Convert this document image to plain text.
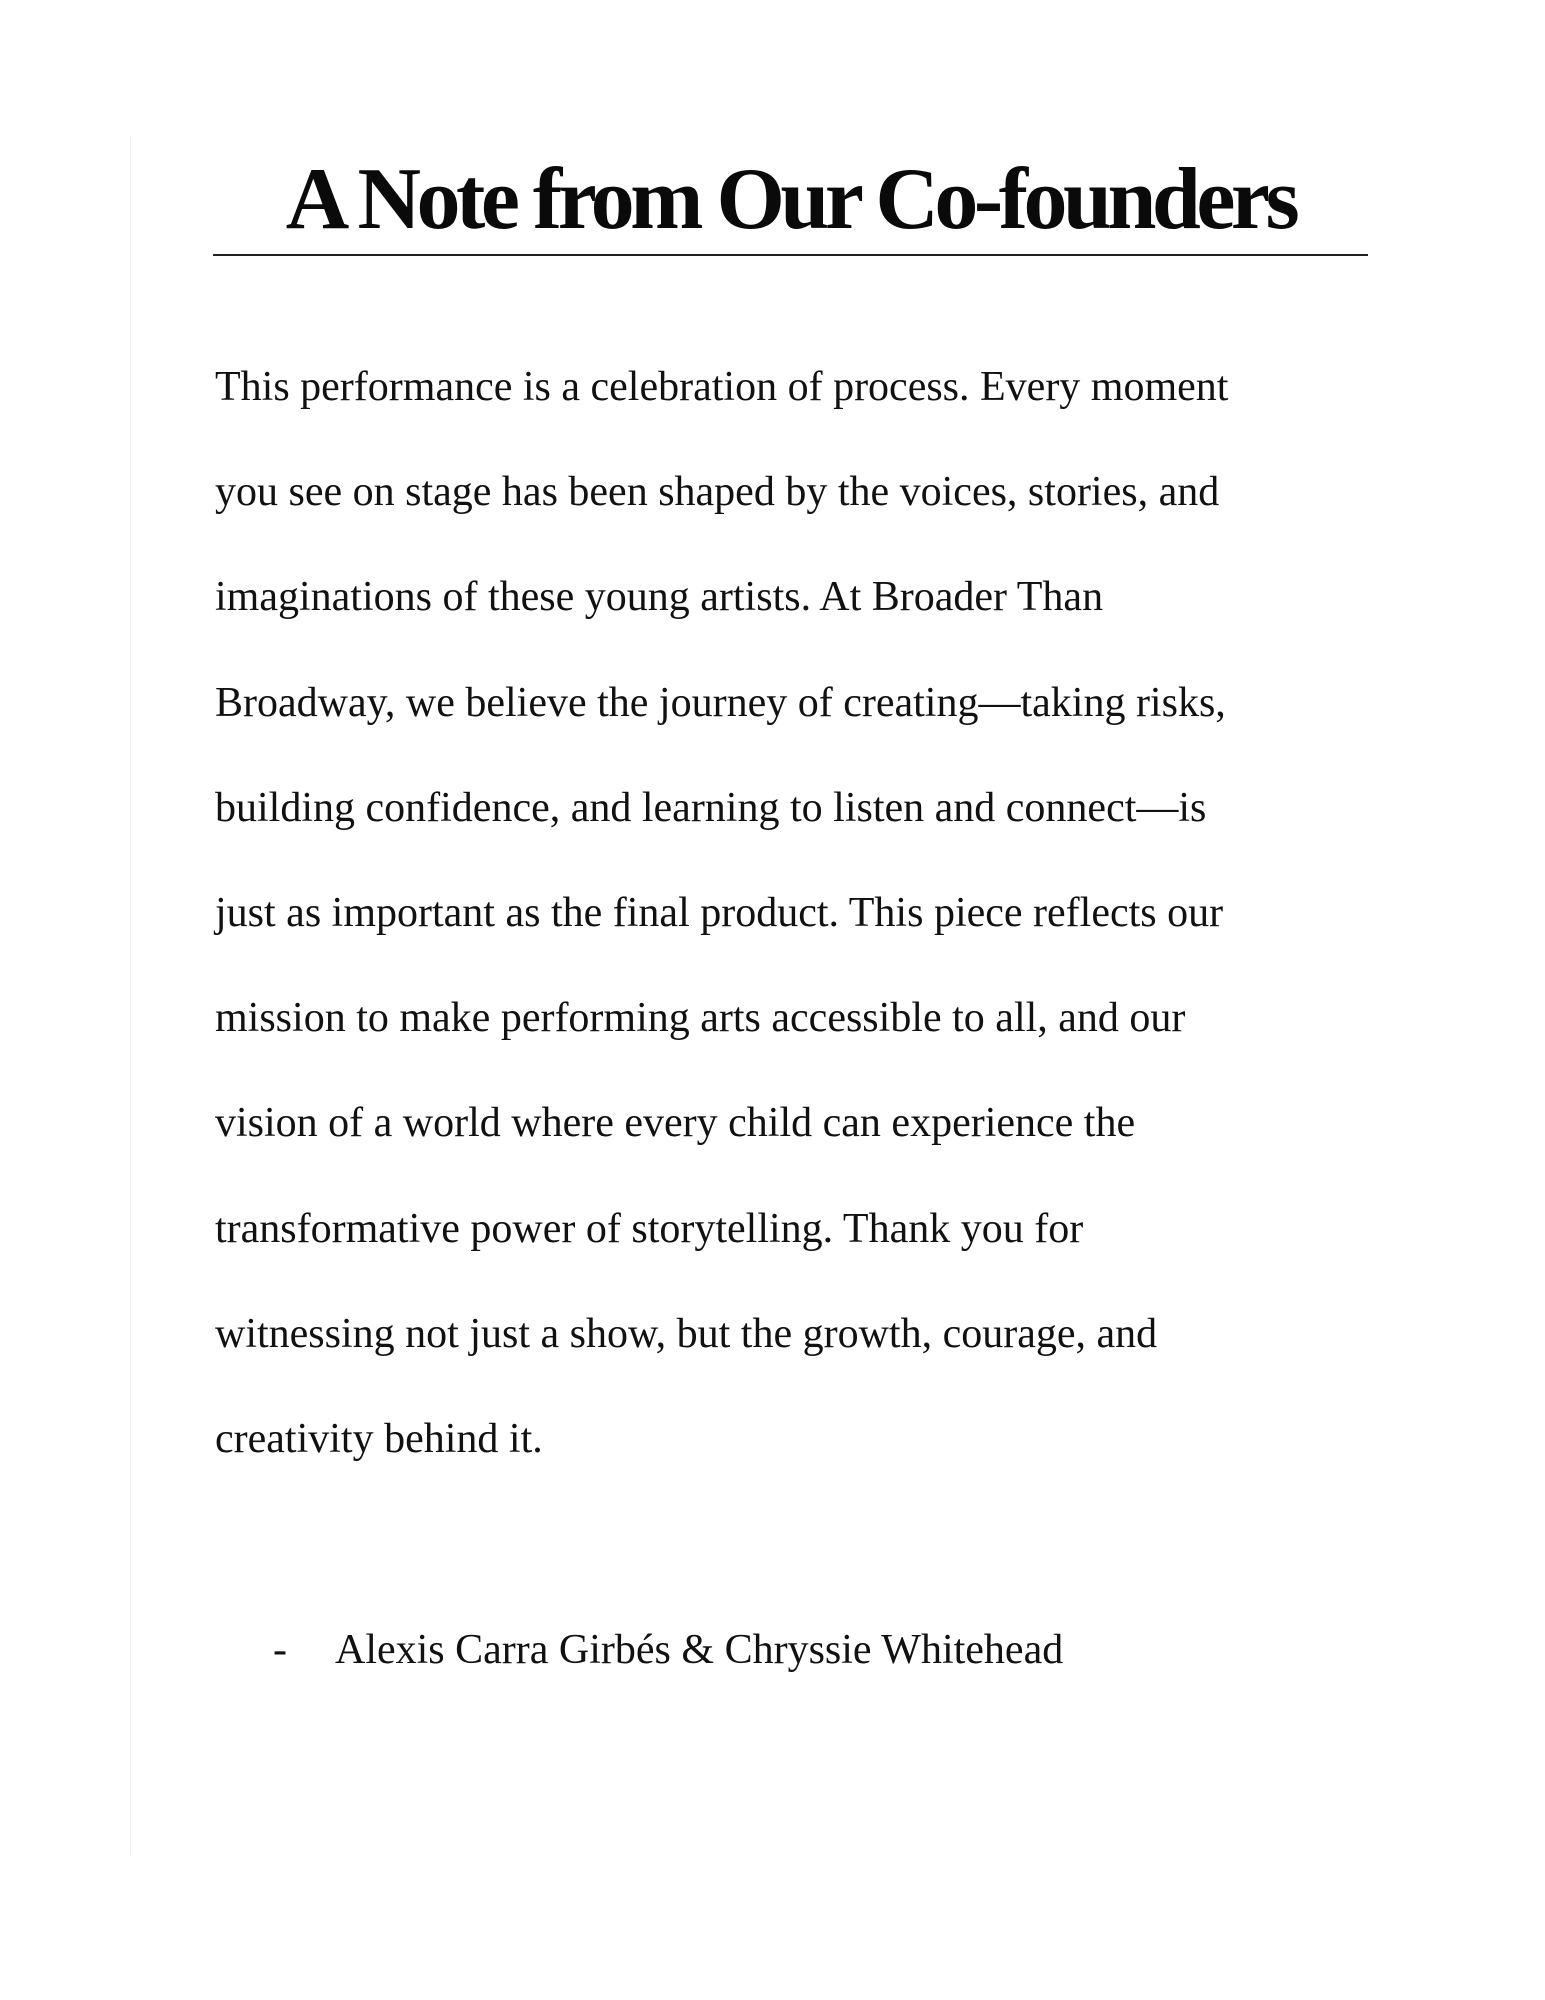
A Note from Our Co-founders
This performance is a celebration of process. Every moment
you see on stage has been shaped by the voices, stories, and
imaginations of these young artists. At Broader Than
Broadway, we believe the journey of creating—taking risks,
building confidence, and learning to listen and connect—is
just as important as the final product. This piece reflects our
mission to make performing arts accessible to all, and our
vision of a world where every child can experience the
transformative power of storytelling. Thank you for
witnessing not just a show, but the growth, courage, and
creativity behind it.
- Alexis Carra Girbés & Chryssie Whitehead
